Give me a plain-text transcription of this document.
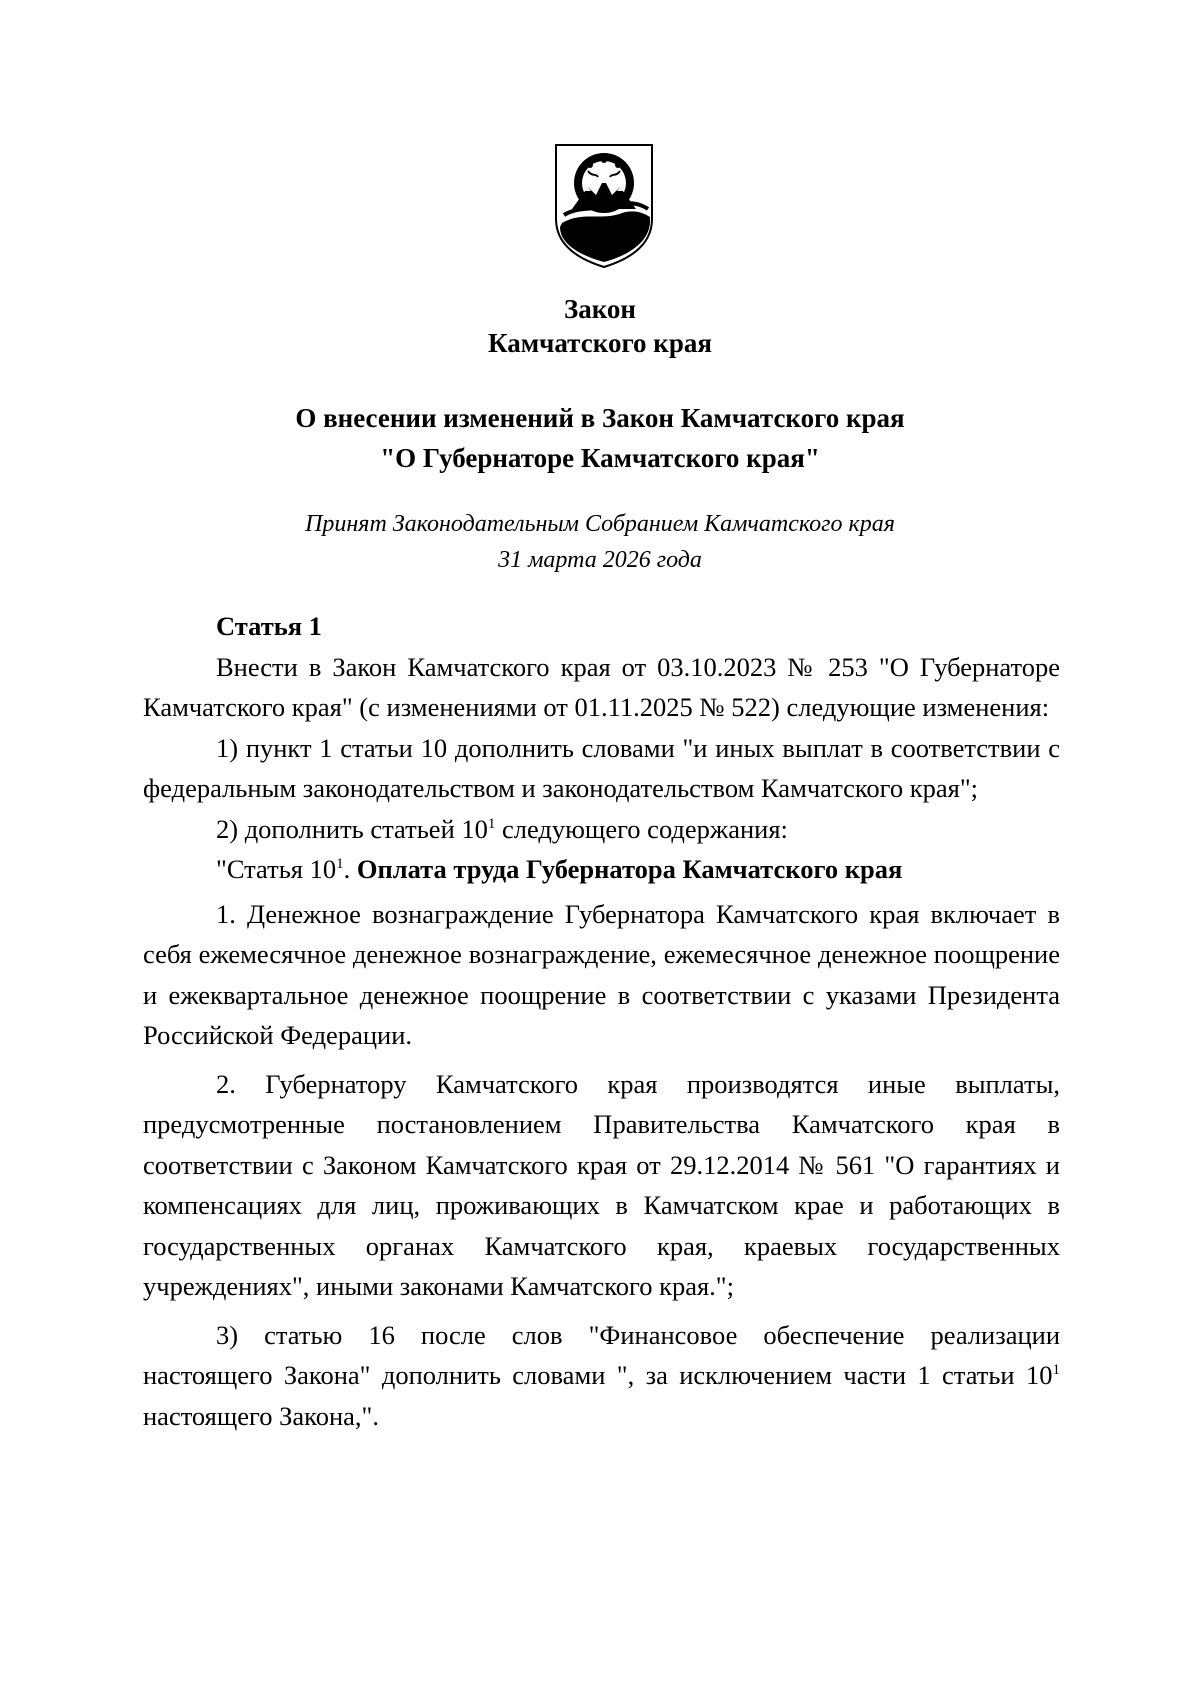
Закон
Камчатского края
О внесении изменений в Закон Камчатского края
"О Губернаторе Камчатского края"
Принят Законодательным Собранием Камчатского края
31 марта 2026 года

Статья 1

Внести в Закон Камчатского края от 03.10.2023 № 253 "О Губернаторе Камчатского края" (с изменениями от 01.11.2025 № 522) следующие изменения:

1) пункт 1 статьи 10 дополнить словами "и иных выплат в соответствии с федеральным законодательством и законодательством Камчатского края";

2) дополнить статьей $10^1$ следующего содержания:

"Статья $10^1$. Оплата труда Губернатора Камчатского края

1. Денежное вознаграждение Губернатора Камчатского края включает в себя ежемесячное денежное вознаграждение, ежемесячное денежное поощрение и ежеквартальное денежное поощрение в соответствии с указами Президента Российской Федерации.

2. Губернатору Камчатского края производятся иные выплаты, предусмотренные постановлением Правительства Камчатского края в соответствии с Законом Камчатского края от 29.12.2014 № 561 "О гарантиях и компенсациях для лиц, проживающих в Камчатском крае и работающих в государственных органах Камчатского края, краевых государственных учреждениях", иными законами Камчатского края.";

3) статью 16 после слов "Финансовое обеспечение реализации настоящего Закона" дополнить словами ", за исключением части 1 статьи $10^1$ настоящего Закона,".
